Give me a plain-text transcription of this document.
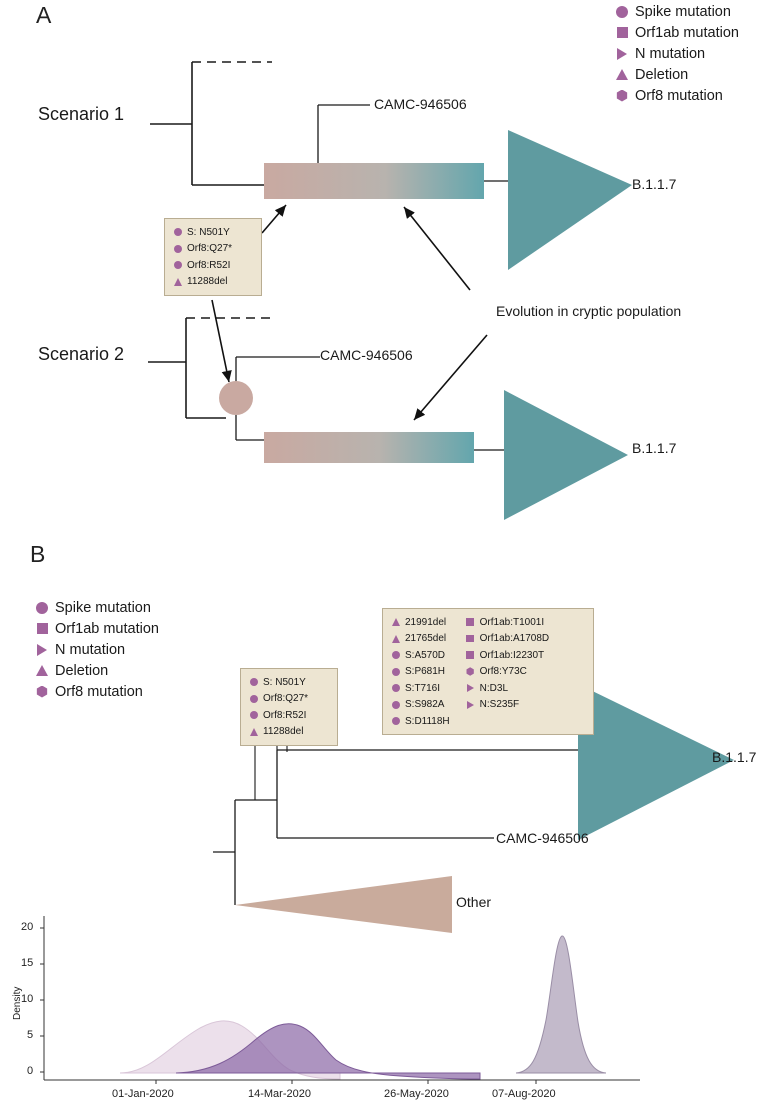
A	Spike mutation
Orf1ab mutation
N mutation
Deletion
Orf8 mutation
Scenario 1
Scenario 2
CAMC-946506
CAMC-946506
B.1.1.7
B.1.1.7
Evolution in cryptic population
S: N501Y
Orf8:Q27*
Orf8:R52I
11288del
B
Spike mutation
Orf1ab mutation
N mutation
Deletion
Orf8 mutation
S: N501Y
Orf8:Q27*
Orf8:R52I
11288del
21991del
21765del
S:A570D
S:P681H
S:T716I
S:S982A
S:D1118H
Orf1ab:T1001I
Orf1ab:A1708D
Orf1ab:I2230T
Orf8:Y73C
N:D3L
N:S235F
B.1.1.7
CAMC-946506
Other
Density
0
5
10
15
20
01-Jan-2020	14-Mar-2020	26-May-2020	07-Aug-2020
